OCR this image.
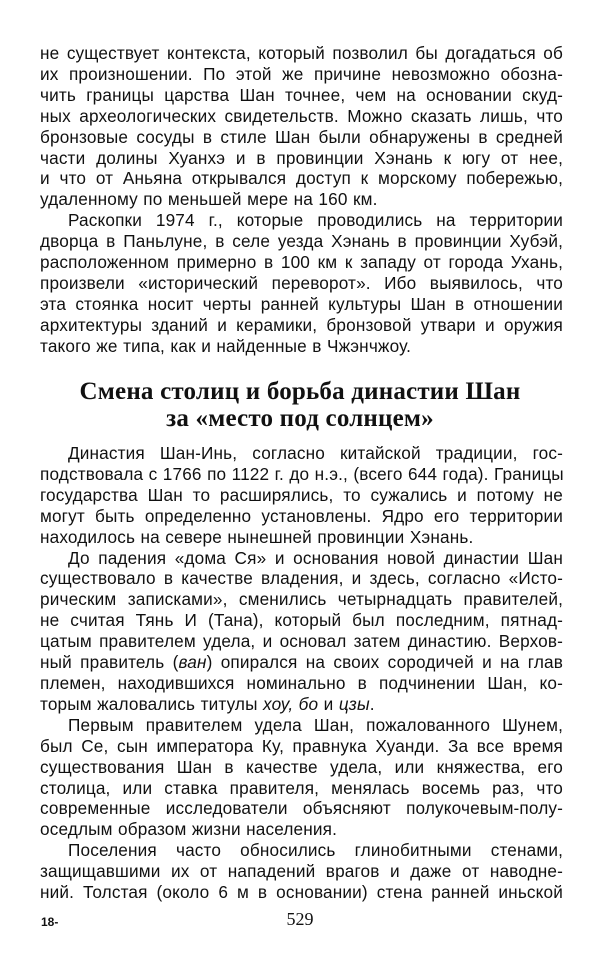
не существует контекста, который позволил бы догадаться об
их произношении. По этой же причине невозможно обозна-
чить границы царства Шан точнее, чем на основании скуд-
ных археологических свидетельств. Можно сказать лишь, что
бронзовые сосуды в стиле Шан были обнаружены в средней
части долины Хуанхэ и в провинции Хэнань к югу от нее,
и что от Аньяна открывался доступ к морскому побережью,
удаленному по меньшей мере на 160 км.

Раскопки 1974 г., которые проводились на территории
дворца в Паньлуне, в селе уезда Хэнань в провинции Хубэй,
расположенном примерно в 100 км к западу от города Ухань,
произвели «исторический переворот». Ибо выявилось, что
эта стоянка носит черты ранней культуры Шан в отношении
архитектуры зданий и керамики, бронзовой утвари и оружия
такого же типа, как и найденные в Чжэнчжоу.

Смена столиц и борьба династии Шан
за «место под солнцем»

Династия Шан-Инь, согласно китайской традиции, гос-
подствовала с 1766 по 1122 г. до н.э., (всего 644 года). Границы
государства Шан то расширялись, то сужались и потому не
могут быть определенно установлены. Ядро его территории
находилось на севере нынешней провинции Хэнань.

До падения «дома Ся» и основания новой династии Шан
существовало в качестве владения, и здесь, согласно «Исто-
рическим записками», сменились четырнадцать правителей,
не считая Тянь И (Тана), который был последним, пятнад-
цатым правителем удела, и основал затем династию. Верхов-
ный правитель (ван) опирался на своих сородичей и на глав
племен, находившихся номинально в подчинении Шан, ко-
торым жаловались титулы хоу, бо и цзы.

Первым правителем удела Шан, пожалованного Шунем,
был Се, сын императора Ку, правнука Хуанди. За все время
существования Шан в качестве удела, или княжества, его
столица, или ставка правителя, менялась восемь раз, что
современные исследователи объясняют полукочевым-полу-
оседлым образом жизни населения.

Поселения часто обносились глинобитными стенами,
защищавшими их от нападений врагов и даже от наводне-
ний. Толстая (около 6 м в основании) стена ранней иньской

18-	529
